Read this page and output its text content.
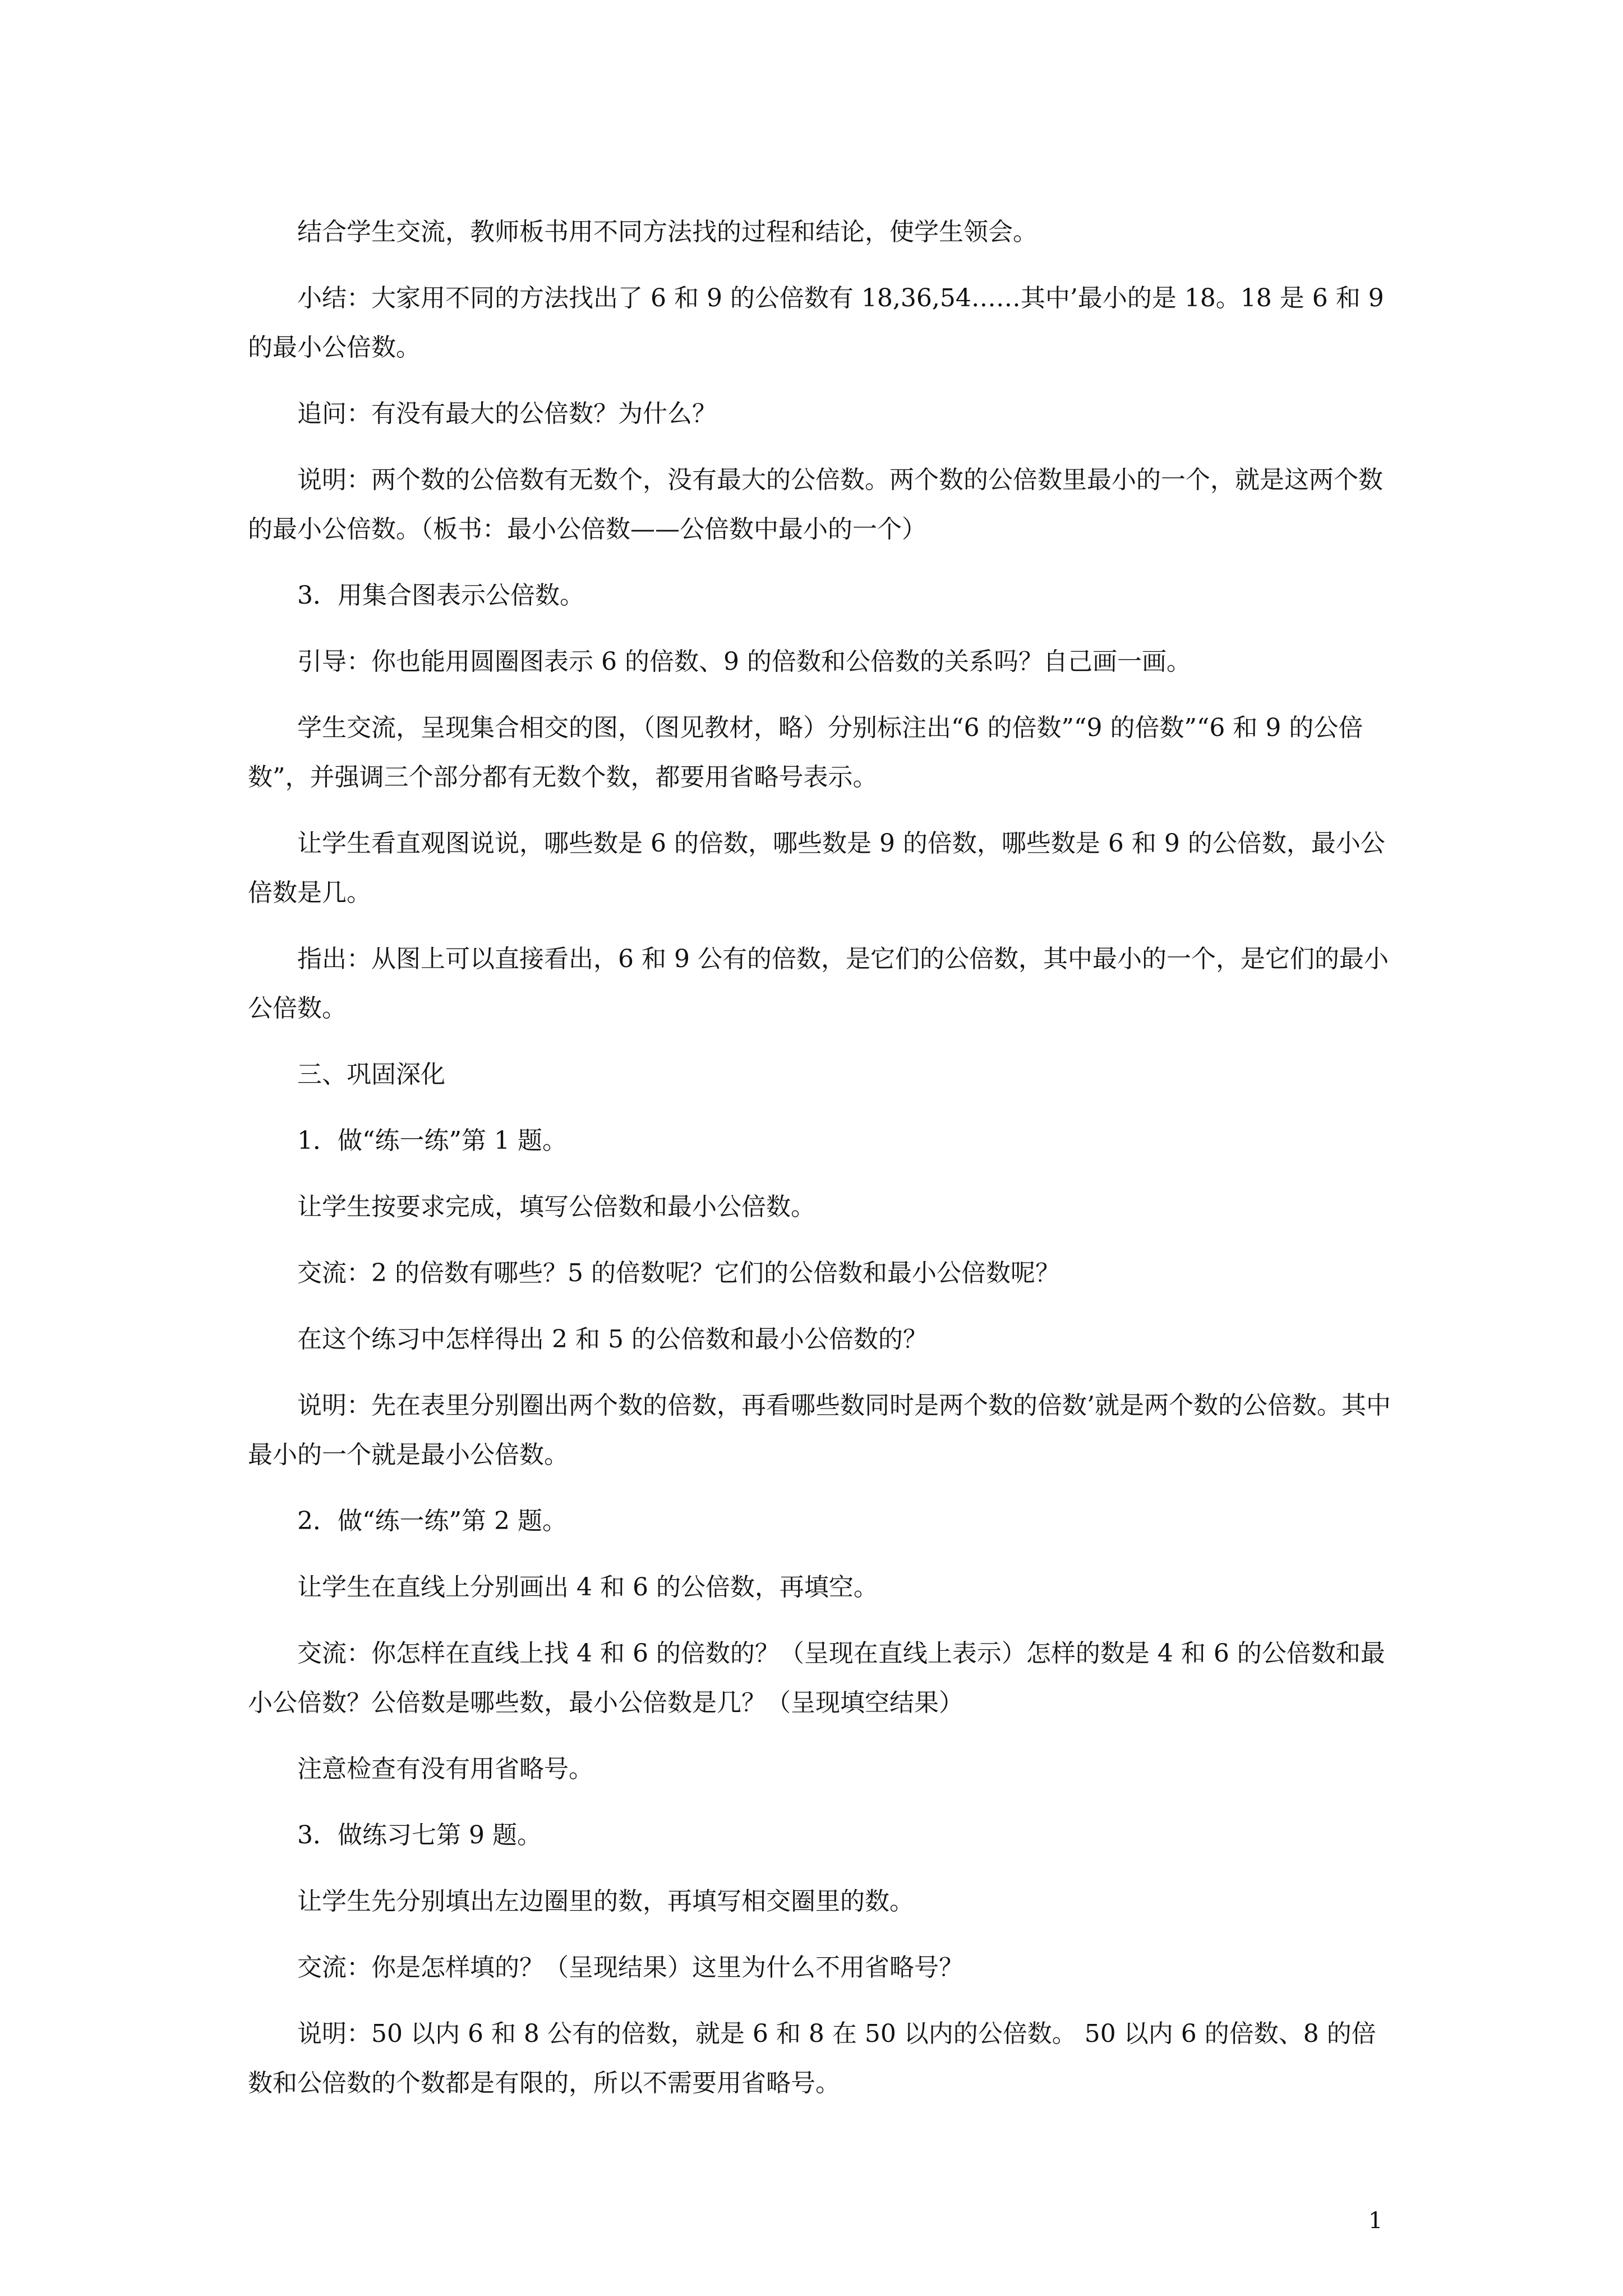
结合学生交流，教师板书用不同方法找的过程和结论，使学生领会。

小结：大家用不同的方法找出了 6 和 9 的公倍数有 18,36,54……其中’最小的是 18。18 是 6 和 9 的最小公倍数。

追问：有没有最大的公倍数？为什么？

说明：两个数的公倍数有无数个，没有最大的公倍数。两个数的公倍数里最小的一个，就是这两个数的最小公倍数。（板书：最小公倍数——公倍数中最小的一个）

3．用集合图表示公倍数。

引导：你也能用圆圈图表示 6 的倍数、9 的倍数和公倍数的关系吗？自己画一画。

学生交流，呈现集合相交的图，（图见教材，略）分别标注出“6 的倍数”“9 的倍数”“6 和 9 的公倍数”，并强调三个部分都有无数个数，都要用省略号表示。

让学生看直观图说说，哪些数是 6 的倍数，哪些数是 9 的倍数，哪些数是 6 和 9 的公倍数，最小公倍数是几。

指出：从图上可以直接看出，6 和 9 公有的倍数，是它们的公倍数，其中最小的一个，是它们的最小公倍数。

三、巩固深化

1．做“练一练”第 1 题。

让学生按要求完成，填写公倍数和最小公倍数。

交流：2 的倍数有哪些？5 的倍数呢？它们的公倍数和最小公倍数呢？

在这个练习中怎样得出 2 和 5 的公倍数和最小公倍数的？

说明：先在表里分别圈出两个数的倍数，再看哪些数同时是两个数的倍数’就是两个数的公倍数。其中最小的一个就是最小公倍数。

2．做“练一练”第 2 题。

让学生在直线上分别画出 4 和 6 的公倍数，再填空。

交流：你怎样在直线上找 4 和 6 的倍数的？（呈现在直线上表示）怎样的数是 4 和 6 的公倍数和最小公倍数？公倍数是哪些数，最小公倍数是几？（呈现填空结果）

注意检查有没有用省略号。

3．做练习七第 9 题。

让学生先分别填出左边圈里的数，再填写相交圈里的数。

交流：你是怎样填的？（呈现结果）这里为什么不用省略号？

说明：50 以内 6 和 8 公有的倍数，就是 6 和 8 在 50 以内的公倍数。 50 以内 6 的倍数、8 的倍数和公倍数的个数都是有限的，所以不需要用省略号。

1
